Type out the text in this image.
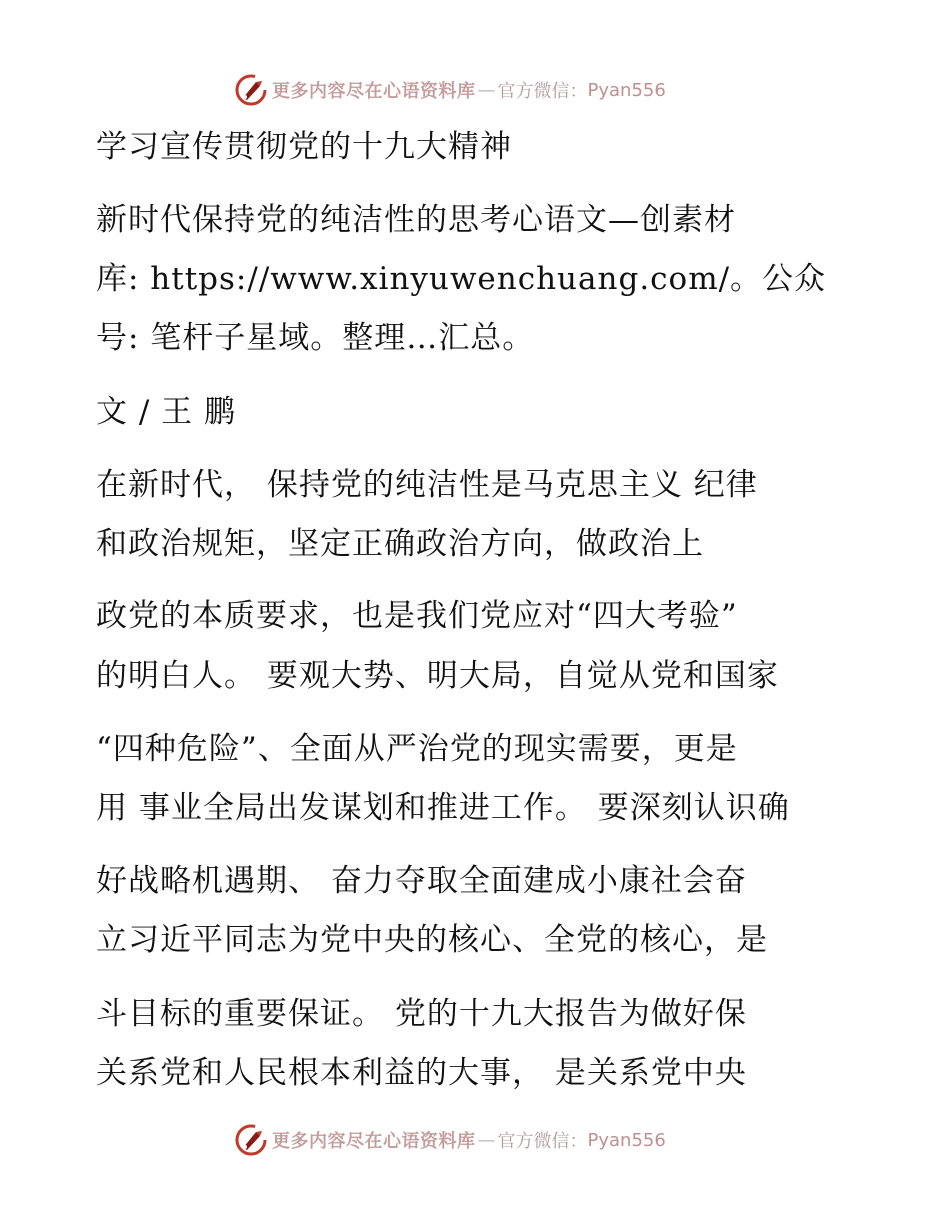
更多内容尽在心语资料库 — 官方微信： Pyan556
学习宣传贯彻党的十九大精神
新时代保持党的纯洁性的思考心语文—创素材
库: https://www.xinyuwenchuang.com/。公众
号: 笔杆子星域。整理…汇总。
文 / 王 鹏
在新时代， 保持党的纯洁性是马克思主义 纪律
和政治规矩，坚定正确政治方向，做政治上
政党的本质要求，也是我们党应对“四大考验”
的明白人。 要观大势、明大局，自觉从党和国家
“四种危险”、全面从严治党的现实需要，更是
用 事业全局出发谋划和推进工作。 要深刻认识确
好战略机遇期、 奋力夺取全面建成小康社会奋
立习近平同志为党中央的核心、全党的核心，是
斗目标的重要保证。 党的十九大报告为做好保
关系党和人民根本利益的大事， 是关系党中央
更多内容尽在心语资料库 — 官方微信： Pyan556
